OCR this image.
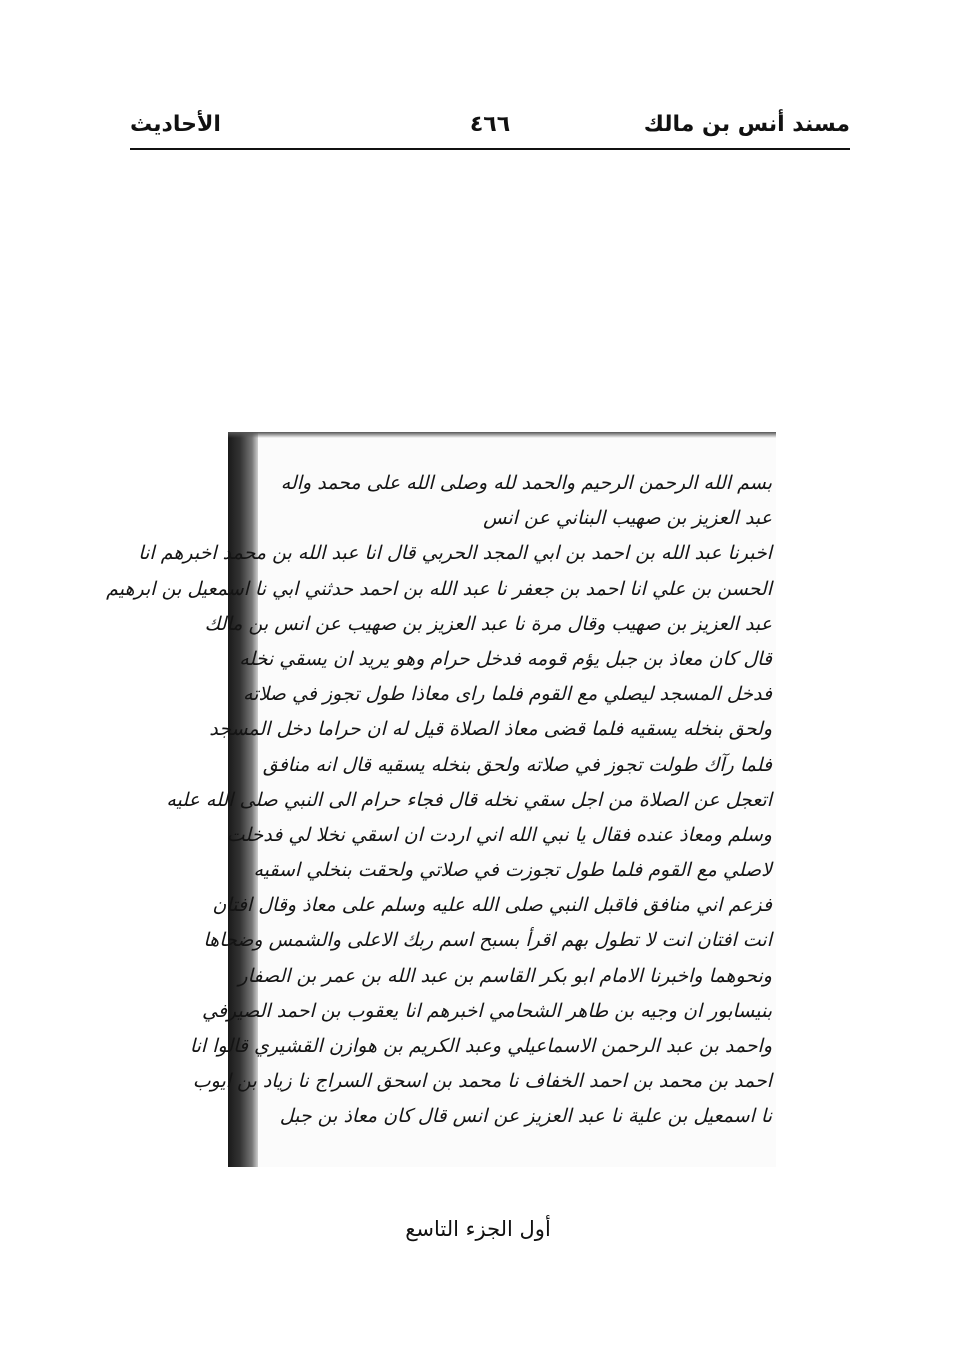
مسند أنس بن مالك
٤٦٦
الأحاديث
بسم الله الرحمن الرحيم والحمد لله وصلى الله على محمد واله
عبد العزيز بن صهيب البناني عن انس
اخبرنا عبد الله بن احمد بن ابي المجد الحربي قال انا عبد الله بن محمد اخبرهم انا
الحسن بن علي انا احمد بن جعفر نا عبد الله بن احمد حدثني ابي نا اسمعيل بن ابرهيم
عبد العزيز بن صهيب وقال مرة نا عبد العزيز بن صهيب عن انس بن مالك
قال كان معاذ بن جبل يؤم قومه فدخل حرام وهو يريد ان يسقي نخله
فدخل المسجد ليصلي مع القوم فلما راى معاذا طول تجوز في صلاته
ولحق بنخله يسقيه فلما قضى معاذ الصلاة قيل له ان حراما دخل المسجد
فلما رآك طولت تجوز في صلاته ولحق بنخله يسقيه قال انه منافق
اتعجل عن الصلاة من اجل سقي نخله قال فجاء حرام الى النبي صلى الله عليه
وسلم ومعاذ عنده فقال يا نبي الله اني اردت ان اسقي نخلا لي فدخلت
لاصلي مع القوم فلما طول تجوزت في صلاتي ولحقت بنخلي اسقيه
فزعم اني منافق فاقبل النبي صلى الله عليه وسلم على معاذ وقال افتان
انت افتان انت لا تطول بهم اقرأ بسبح اسم ربك الاعلى والشمس وضحاها
ونحوهما واخبرنا الامام ابو بكر القاسم بن عبد الله بن عمر بن الصفار
بنيسابور ان وجيه بن طاهر الشحامي اخبرهم انا يعقوب بن احمد الصيرفي
واحمد بن عبد الرحمن الاسماعيلي وعبد الكريم بن هوازن القشيري قالوا انا
احمد بن محمد بن احمد الخفاف نا محمد بن اسحق السراج نا زياد بن ايوب
نا اسمعيل بن علية نا عبد العزيز عن انس قال كان معاذ بن جبل
أول الجزء التاسع
